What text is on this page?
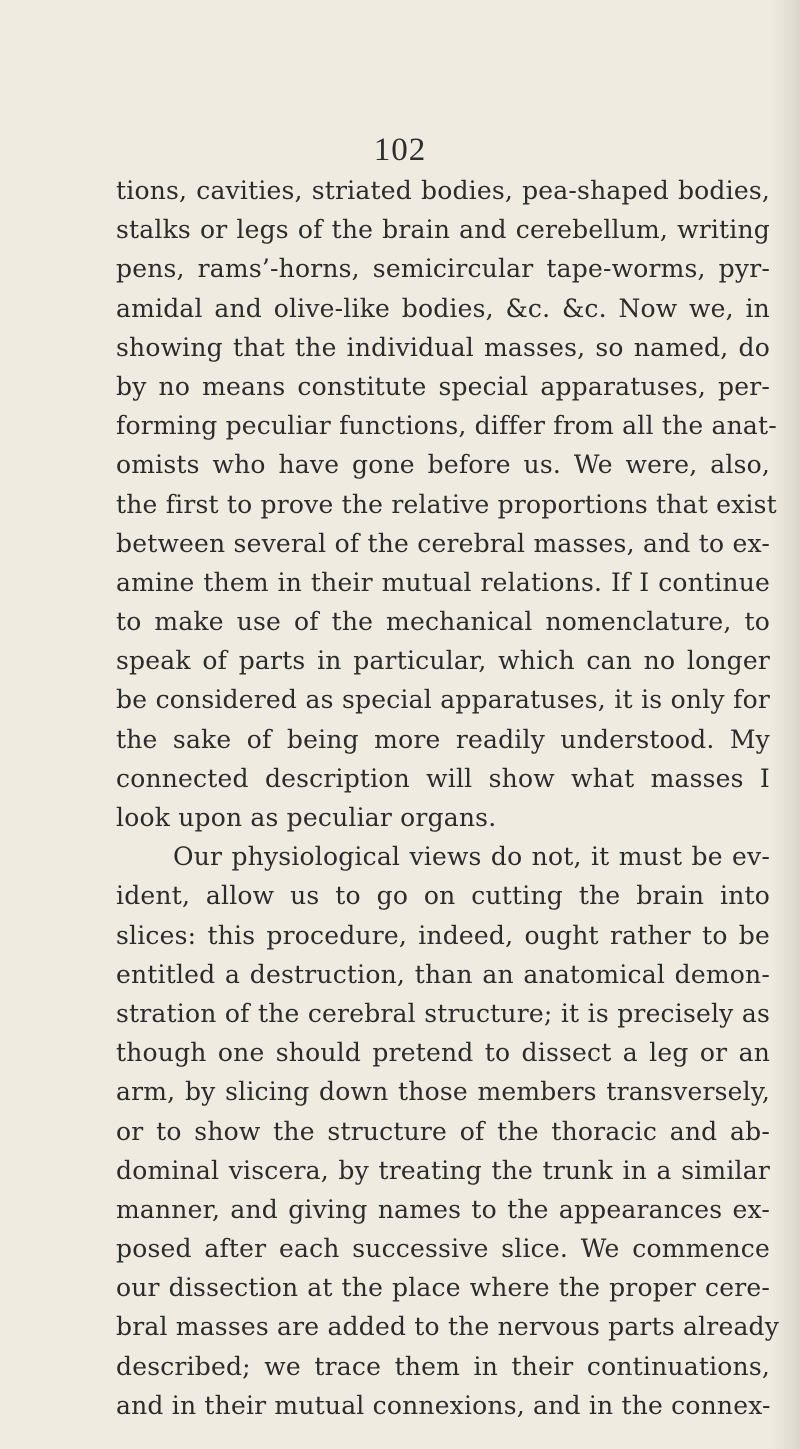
102
tions, cavities, striated bodies, pea-shaped bodies,
stalks or legs of the brain and cerebellum, writing
pens, rams’-horns, semicircular tape-worms, pyr-
amidal and olive-like bodies, &c. &c. Now we, in
showing that the individual masses, so named, do
by no means constitute special apparatuses, per-
forming peculiar functions, differ from all the anat-
omists who have gone before us. We were, also,
the first to prove the relative proportions that exist
between several of the cerebral masses, and to ex-
amine them in their mutual relations. If I continue
to make use of the mechanical nomenclature, to
speak of parts in particular, which can no longer
be considered as special apparatuses, it is only for
the sake of being more readily understood. My
connected description will show what masses I
look upon as peculiar organs.
Our physiological views do not, it must be ev-
ident, allow us to go on cutting the brain into
slices: this procedure, indeed, ought rather to be
entitled a destruction, than an anatomical demon-
stration of the cerebral structure; it is precisely as
though one should pretend to dissect a leg or an
arm, by slicing down those members transversely,
or to show the structure of the thoracic and ab-
dominal viscera, by treating the trunk in a similar
manner, and giving names to the appearances ex-
posed after each successive slice. We commence
our dissection at the place where the proper cere-
bral masses are added to the nervous parts already
described; we trace them in their continuations,
and in their mutual connexions, and in the connex-
